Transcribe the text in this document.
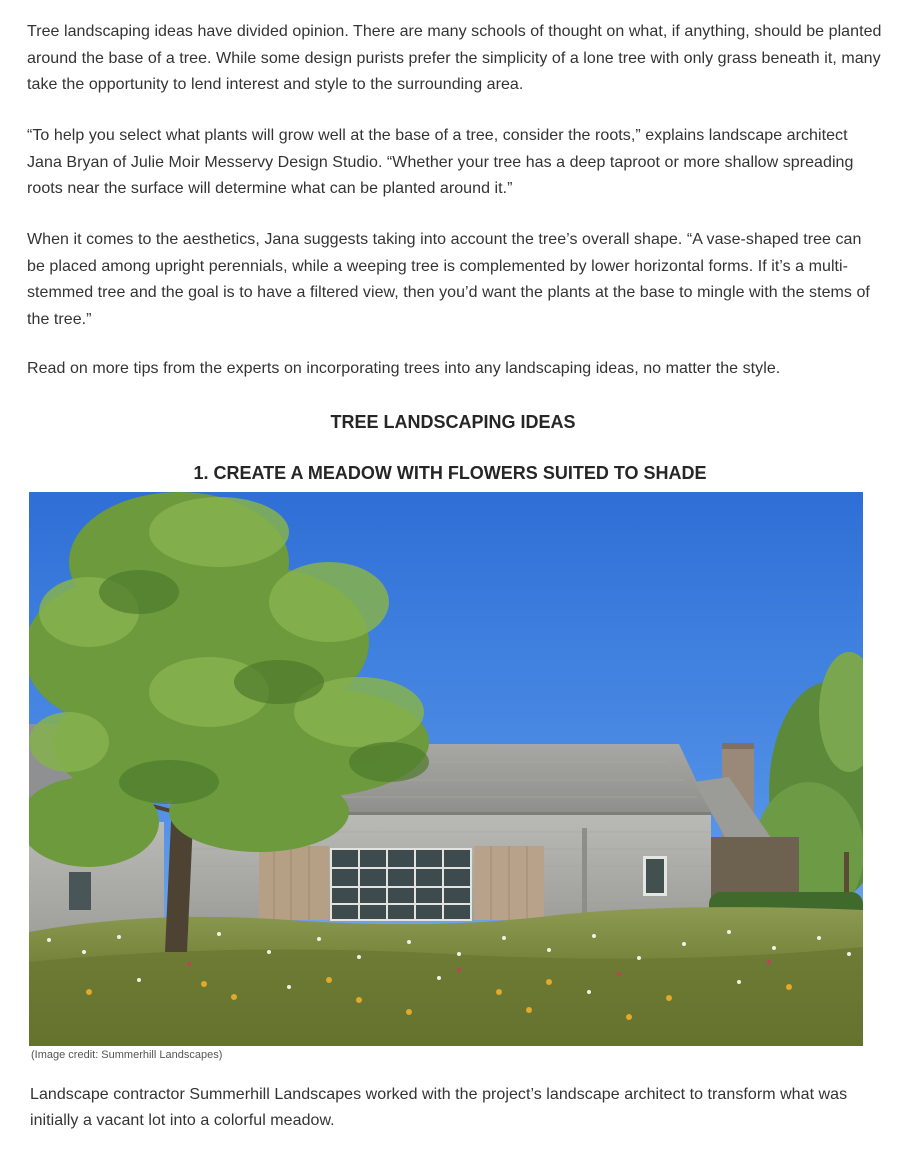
Tree landscaping ideas have divided opinion. There are many schools of thought on what, if anything, should be planted around the base of a tree. While some design purists prefer the simplicity of a lone tree with only grass beneath it, many take the opportunity to lend interest and style to the surrounding area.

“To help you select what plants will grow well at the base of a tree, consider the roots,” explains landscape architect Jana Bryan of Julie Moir Messervy Design Studio. “Whether your tree has a deep taproot or more shallow spreading roots near the surface will determine what can be planted around it.”

When it comes to the aesthetics, Jana suggests taking into account the tree’s overall shape. “A vase-shaped tree can be placed among upright perennials, while a weeping tree is complemented by lower horizontal forms. If it’s a multi-stemmed tree and the goal is to have a filtered view, then you’d want the plants at the base to mingle with the stems of the tree.”

Read on more tips from the experts on incorporating trees into any landscaping ideas, no matter the style.

TREE LANDSCAPING IDEAS
1. CREATE A MEADOW WITH FLOWERS SUITED TO SHADE

(Image credit: Summerhill Landscapes)

Landscape contractor Summerhill Landscapes worked with the project’s landscape architect to transform what was initially a vacant lot into a colorful meadow.
